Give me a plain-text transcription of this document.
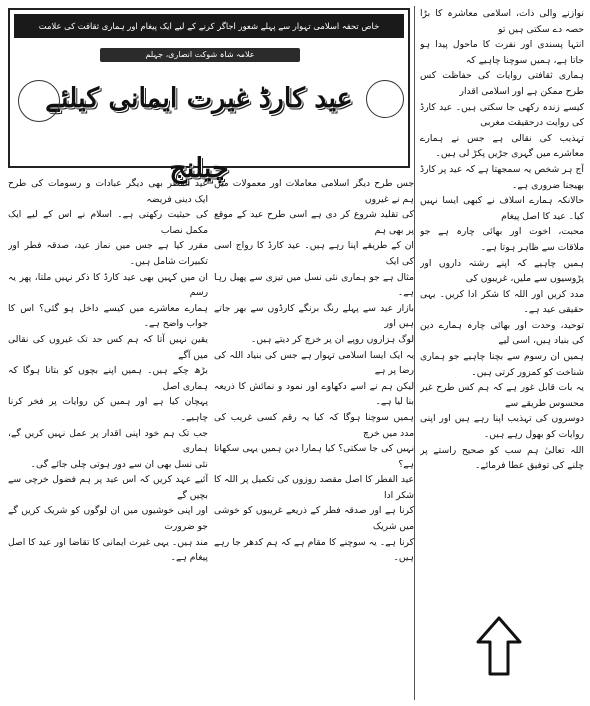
خاص تحفہ اسلامی تہوار سے پہلے شعور اجاگر کرنے کے لیے ایک پیغام اور ہماری ثقافت کی علامت
علامہ شاہ شوکت انصاری، جہلم
عید کارڈ غیرت ایمانی کیلئے چیلنج

نوازنے والی ذات، اسلامی معاشرہ کا بڑا حصہ دے سکتی ہیں تو

انتہا پسندی اور نفرت کا ماحول پیدا ہو جاتا ہے، ہمیں سوچنا چاہیے کہ

ہماری ثقافتی روایات کی حفاظت کس طرح ممکن ہے اور اسلامی اقدار

کیسے زندہ رکھی جا سکتی ہیں۔ عید کارڈ کی روایت درحقیقت مغربی

تہذیب کی نقالی ہے جس نے ہمارے معاشرے میں گہری جڑیں پکڑ لی ہیں۔

آج ہر شخص یہ سمجھتا ہے کہ عید پر کارڈ بھیجنا ضروری ہے۔

حالانکہ ہمارے اسلاف نے کبھی ایسا نہیں کیا۔ عید کا اصل پیغام

محبت، اخوت اور بھائی چارہ ہے جو ملاقات سے ظاہر ہوتا ہے۔

ہمیں چاہیے کہ اپنے رشتہ داروں اور پڑوسیوں سے ملیں، غریبوں کی

مدد کریں اور اللہ کا شکر ادا کریں۔ یہی حقیقی عید ہے۔

توحید، وحدت اور بھائی چارہ ہمارے دین کی بنیاد ہیں، اسی لیے

ہمیں ان رسوم سے بچنا چاہیے جو ہماری شناخت کو کمزور کرتی ہیں۔

یہ بات قابل غور ہے کہ ہم کس طرح غیر محسوس طریقے سے

دوسروں کی تہذیب اپنا رہے ہیں اور اپنی روایات کو بھول رہے ہیں۔

اللہ تعالیٰ ہم سب کو صحیح راستے پر چلنے کی توفیق عطا فرمائے۔

جس طرح دیگر اسلامی معاملات اور معمولات میں ہم نے غیروں

کی تقلید شروع کر دی ہے اسی طرح عید کے موقع پر بھی ہم

ان کے طریقے اپنا رہے ہیں۔ عید کارڈ کا رواج اسی کی ایک

مثال ہے جو ہماری نئی نسل میں تیزی سے پھیل رہا ہے۔

بازار عید سے پہلے رنگ برنگے کارڈوں سے بھر جاتے ہیں اور

لوگ ہزاروں روپے ان پر خرچ کر دیتے ہیں۔

یہ ایک ایسا اسلامی تہوار ہے جس کی بنیاد اللہ کی رضا پر ہے

لیکن ہم نے اسے دکھاوے اور نمود و نمائش کا ذریعہ بنا لیا ہے۔

ہمیں سوچنا ہوگا کہ کیا یہ رقم کسی غریب کی مدد میں خرچ

نہیں کی جا سکتی؟ کیا ہمارا دین ہمیں یہی سکھاتا ہے؟

عید الفطر کا اصل مقصد روزوں کی تکمیل پر اللہ کا شکر ادا

کرنا ہے اور صدقہ فطر کے ذریعے غریبوں کو خوشی میں شریک

کرنا ہے۔ یہ سوچنے کا مقام ہے کہ ہم کدھر جا رہے ہیں۔

عید الفطر بھی دیگر عبادات و رسومات کی طرح ایک دینی فریضہ

کی حیثیت رکھتی ہے۔ اسلام نے اس کے لیے ایک مکمل نصاب

مقرر کیا ہے جس میں نماز عید، صدقہ فطر اور تکبیرات شامل ہیں۔

ان میں کہیں بھی عید کارڈ کا ذکر نہیں ملتا، پھر یہ رسم

ہمارے معاشرے میں کیسے داخل ہو گئی؟ اس کا جواب واضح ہے۔

یقین نہیں آتا کہ ہم کس حد تک غیروں کی نقالی میں آگے

بڑھ چکے ہیں۔ ہمیں اپنے بچوں کو بتانا ہوگا کہ ہماری اصل

پہچان کیا ہے اور ہمیں کن روایات پر فخر کرنا چاہیے۔

جب تک ہم خود اپنی اقدار پر عمل نہیں کریں گے، ہماری

نئی نسل بھی ان سے دور ہوتی چلی جائے گی۔

آئیے عہد کریں کہ اس عید پر ہم فضول خرچی سے بچیں گے

اور اپنی خوشیوں میں ان لوگوں کو شریک کریں گے جو ضرورت

مند ہیں۔ یہی غیرت ایمانی کا تقاضا اور عید کا اصل پیغام ہے۔
